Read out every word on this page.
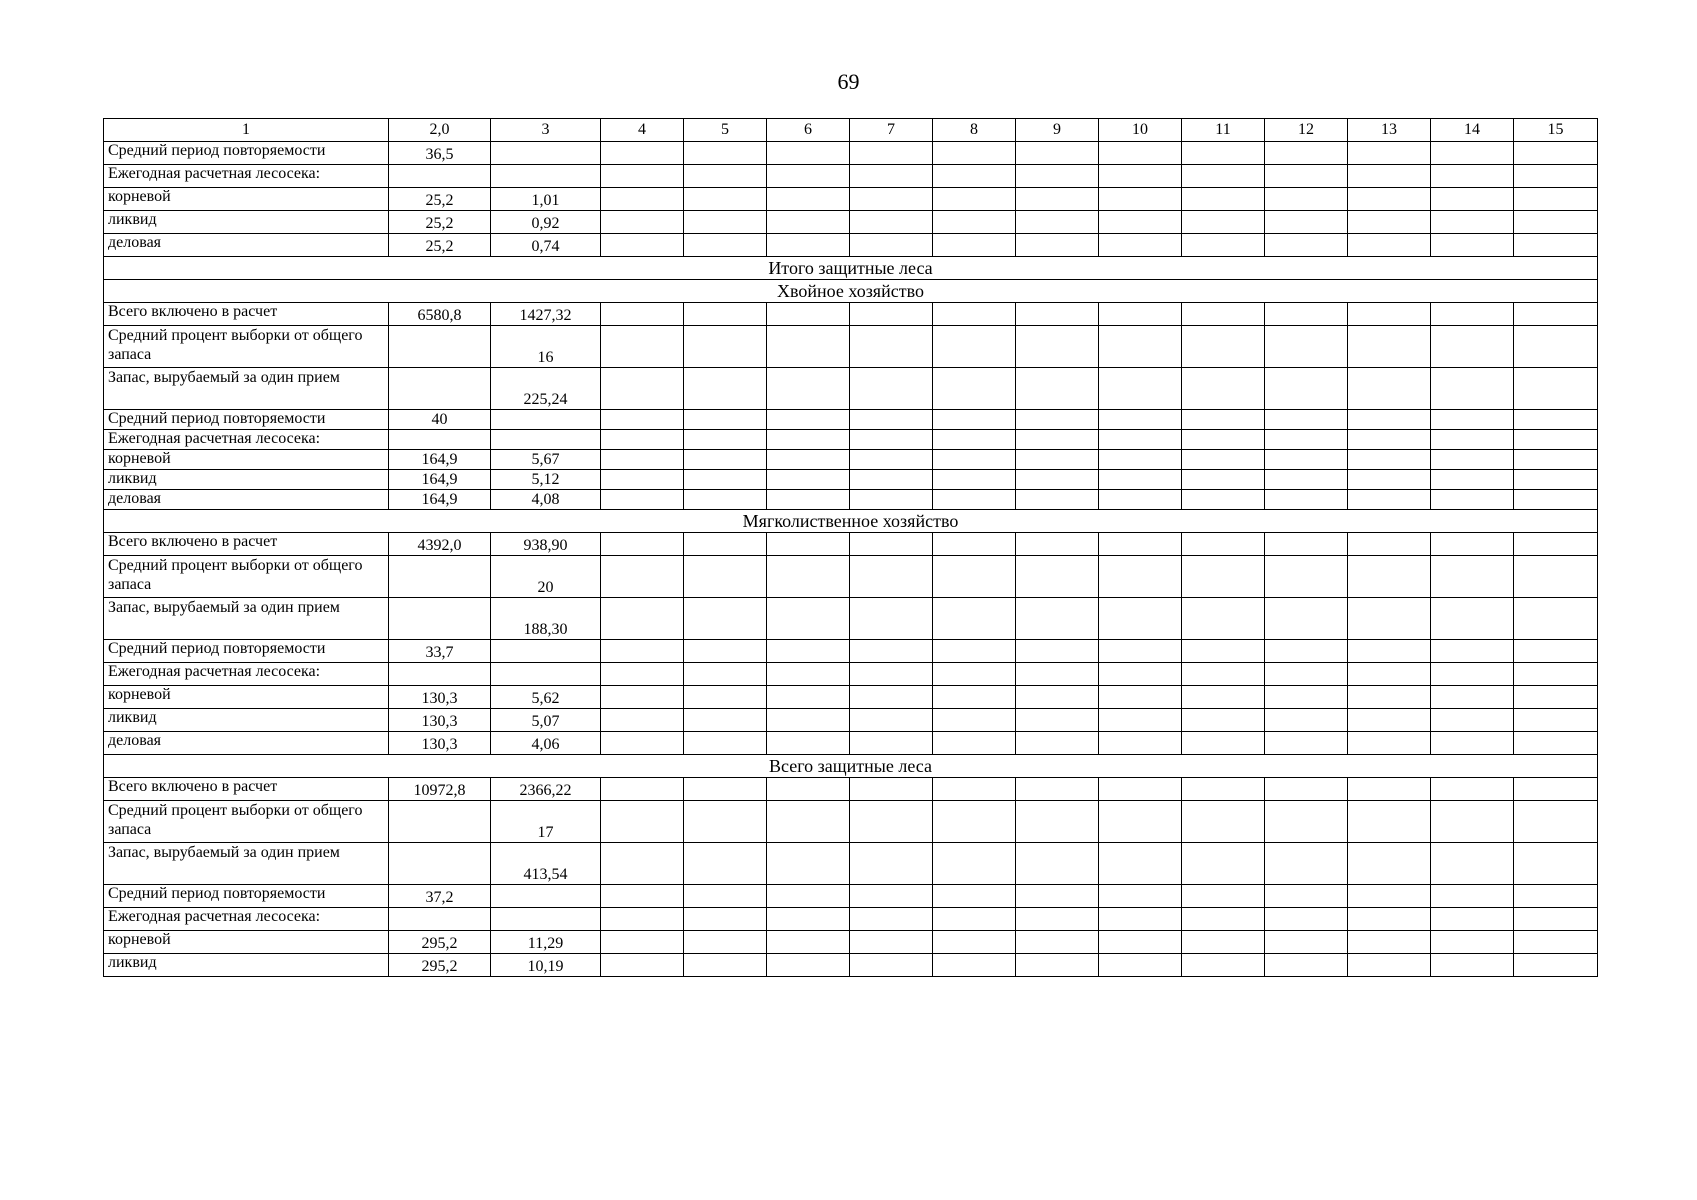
69
1	2,0	3	4	5	6	7	8	9	10	11	12	13	14	15
Средний период повторяемости	36,5													
Ежегодная расчетная лесосека:														
корневой	25,2	1,01												
ликвид	25,2	0,92												
деловая	25,2	0,74												
Итого защитные леса														
Хвойное хозяйство														
Всего включено в расчет	6580,8	1427,32												
Средний процент выборки от общего запаса		16												
Запас, вырубаемый за один прием		225,24												
Средний период повторяемости	40													
Ежегодная расчетная лесосека:														
корневой	164,9	5,67												
ликвид	164,9	5,12												
деловая	164,9	4,08												
Мягколиственное хозяйство														
Всего включено в расчет	4392,0	938,90												
Средний процент выборки от общего запаса		20												
Запас, вырубаемый за один прием		188,30												
Средний период повторяемости	33,7													
Ежегодная расчетная лесосека:														
корневой	130,3	5,62												
ликвид	130,3	5,07												
деловая	130,3	4,06												
Всего защитные леса														
Всего включено в расчет	10972,8	2366,22												
Средний процент выборки от общего запаса		17												
Запас, вырубаемый за один прием		413,54												
Средний период повторяемости	37,2													
Ежегодная расчетная лесосека:														
корневой	295,2	11,29												
ликвид	295,2	10,19												
